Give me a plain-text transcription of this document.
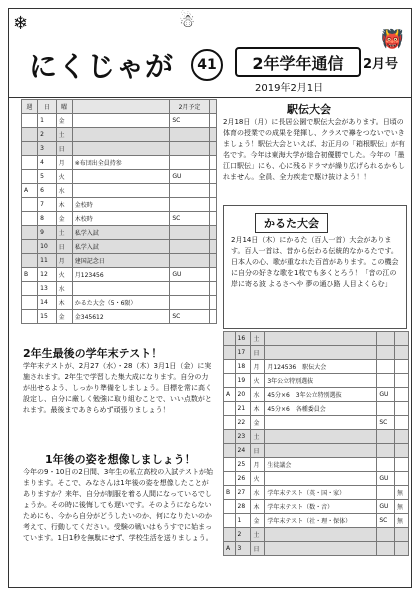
❄	☃
👹
にくじゃが	41	2年学年通信	2月号
2019年2月1日
週	日	曜		2月予定	
	1	金		SC	
	2	土			
	3	日			
	4	月	※布団出全員持参		
	5	火		GU	
A	6	水			
	7	木	金校時		
	8	金	木校時	SC	
	9	土	私学入試		
	10	日	私学入試		
	11	月	建国記念日		
B	12	火	月123456	GU	
	13	水			
	14	木	かるた大会（5・6限）		
	15	金	金345612	SC	
駅伝大会
2月18日（月）に長居公園で駅伝大会があります。日頃の体育の授業での成果を発揮し、クラスで襷をつないでいきましょう！駅伝大会といえば、お正月の「箱根駅伝」が有名です。今年は東海大学が総合初優勝でした。今年の「墨江口駅伝」にも、心に残るドラマが繰り広げられるかもしれません。全員、全力疾走で駆け抜けよう！！
かるた大会
2月14日（木）にかるた（百人一首）大会があります。百人一首は、昔から伝わる伝統的なかるたです。日本人の心、歌が重なれた百首があります。この機会に自分の好きな歌を1枚でも多くとろう！「音の江の 岸に寄る波 よるさへや 夢の通ひ路 人目よくらむ」
	16	土			
	17	日			
	18	月	月124536　駅伝大会		
	19	火	3年公立特別選抜		
A	20	水	45分×6　3年公立特別選抜	GU	
	21	木	45分×6　各種委員会		
	22	金		SC	
	23	土			
	24	日			
	25	月	生徒議会		
	26	火		GU	
B	27	水	学年末テスト（英・国・家）		無
	28	木	学年末テスト（数・音）	GU	無
	1	金	学年末テスト（社・理・保体）	SC	無
	2	土			
A	3	日			
2年生最後の学年末テスト！
学年末テストが、2月27（水）・28（木）3月1日（金）に実施されます。2年生で学習した集大成になります。自分の力が出せるよう、しっかり準備をしましょう。目標を常に高く設定し、自分に厳しく勉強に取り組むことで、いい点数がとれます。最後まであきらめず頑張りましょう！
1年後の姿を想像しましょう！
今年の9・10日の2日間、3年生の私立高校の入試テストが始まります。そこで、みなさんは1年後の姿を想像したことがありますか？来年、自分が制服を着る人間になっているでしょうか。その時に後悔しても遅いです。そのようにならないためにも、今から自分がどうしたいのか、何になりたいのか考えて、行動してください。受験の戦いはもうすでに始まっています。1日1秒を無駄にせず、学校生活を送りましょう。
